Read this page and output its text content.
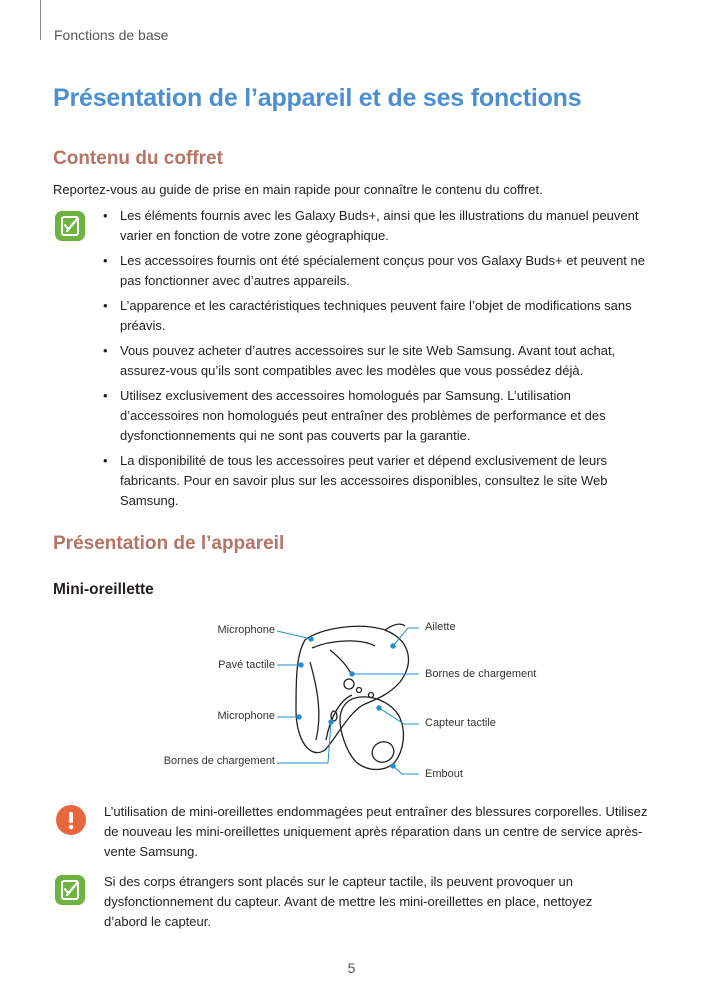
Fonctions de base
Présentation de l’appareil et de ses fonctions
Contenu du coffret
Reportez-vous au guide de prise en main rapide pour connaître le contenu du coffret.
• Les éléments fournis avec les Galaxy Buds+, ainsi que les illustrations du manuel peuvent varier en fonction de votre zone géographique.
• Les accessoires fournis ont été spécialement conçus pour vos Galaxy Buds+ et peuvent ne pas fonctionner avec d’autres appareils.
• L’apparence et les caractéristiques techniques peuvent faire l’objet de modifications sans préavis.
• Vous pouvez acheter d’autres accessoires sur le site Web Samsung. Avant tout achat, assurez-vous qu’ils sont compatibles avec les modèles que vous possédez déjà.
• Utilisez exclusivement des accessoires homologués par Samsung. L’utilisation d’accessoires non homologués peut entraîner des problèmes de performance et des dysfonctionnements qui ne sont pas couverts par la garantie.
• La disponibilité de tous les accessoires peut varier et dépend exclusivement de leurs fabricants. Pour en savoir plus sur les accessoires disponibles, consultez le site Web Samsung.
Présentation de l’appareil
Mini-oreillette
Microphone
Pavé tactile
Microphone
Bornes de chargement
Ailette
Bornes de chargement
Capteur tactile
Embout
L’utilisation de mini-oreillettes endommagées peut entraîner des blessures corporelles. Utilisez de nouveau les mini-oreillettes uniquement après réparation dans un centre de service après-vente Samsung.
Si des corps étrangers sont placés sur le capteur tactile, ils peuvent provoquer un dysfonctionnement du capteur. Avant de mettre les mini-oreillettes en place, nettoyez d’abord le capteur.
5
